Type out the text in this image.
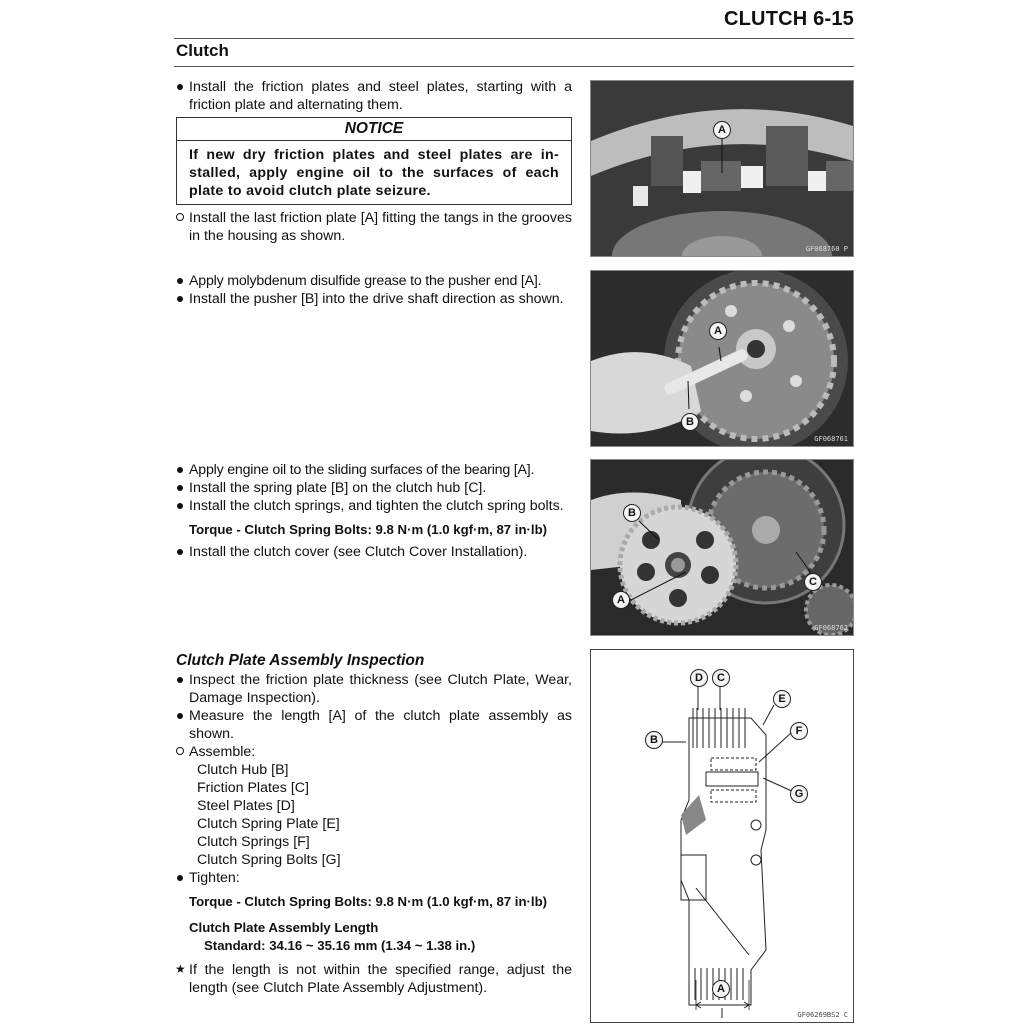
CLUTCH 6-15
Clutch
Install the friction plates and steel plates, starting with a friction plate and alternating them.
NOTICE
If new dry friction plates and steel plates are in-stalled, apply engine oil to the surfaces of each plate to avoid clutch plate seizure.
Install the last friction plate [A] fitting the tangs in the grooves in the housing as shown.
Apply molybdenum disulfide grease to the pusher end [A].
Install the pusher [B] into the drive shaft direction as shown.
Apply engine oil to the sliding surfaces of the bearing [A].
Install the spring plate [B] on the clutch hub [C].
Install the clutch springs, and tighten the clutch spring bolts.
Torque - Clutch Spring Bolts: 9.8 N·m (1.0 kgf·m, 87 in·lb)
Install the clutch cover (see Clutch Cover Installation).
Clutch Plate Assembly Inspection
Inspect the friction plate thickness (see Clutch Plate, Wear, Damage Inspection).
Measure the length [A] of the clutch plate assembly as shown.
Assemble:
Clutch Hub [B]
Friction Plates [C]
Steel Plates [D]
Clutch Spring Plate [E]
Clutch Springs [F]
Clutch Spring Bolts [G]
Tighten:
Torque - Clutch Spring Bolts: 9.8 N·m (1.0 kgf·m, 87 in·lb)
Clutch Plate Assembly Length
Standard: 34.16 ~ 35.16 mm (1.34 ~ 1.38 in.)
★ If the length is not within the specified range, adjust the length (see Clutch Plate Assembly Adjustment).
A
GF068760 P
A
B
GF068761
B
A
C
GF068762
D	C
E
B
F
G
A
GF06269BS2 C
